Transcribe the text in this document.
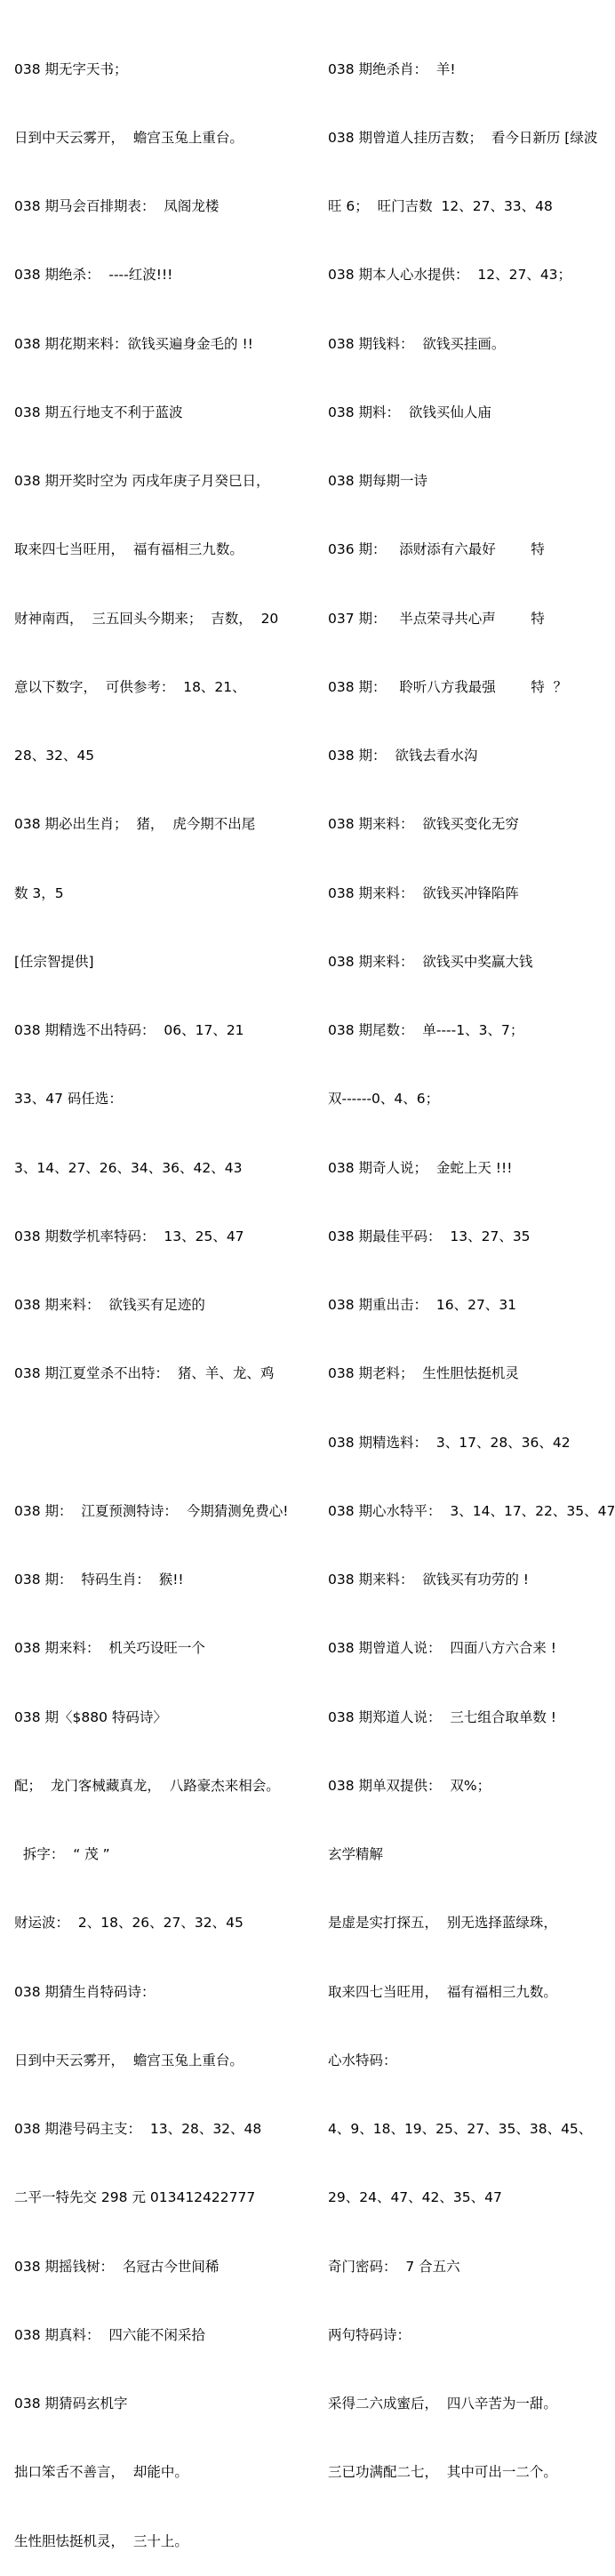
038 期无字天书；

日到中天云雾开，  蟾宫玉兔上重台。

038 期马会百排期表：  凤阁龙楼

038 期绝杀：  ----红波!!!

038 期花期来料：欲钱买遍身金毛的 !!

038 期五行地支不利于蓝波

038 期开奖时空为 丙戌年庚子月癸巳日，

取来四七当旺用，  福有福相三九数。

财神南西，  三五回头今期来；  吉数，  20

意以下数字，  可供参考：  18、21、

28、32、45

038 期必出生肖；  猪，  虎今期不出尾

数 3，5

[任宗智提供]

038 期精选不出特码：  06、17、21

33、47 码任选：

3、14、27、26、34、36、42、43

038 期数学机率特码：  13、25、47

038 期来料：  欲钱买有足迹的

038 期江夏堂杀不出特：  猪、羊、龙、鸡

038 期：  江夏预测特诗：  今期猜测免费心!

038 期：  特码生肖：  猴!!

038 期来料：  机关巧设旺一个

038 期〈$880 特码诗〉

配；  龙门客械藏真龙，  八路豪杰来相会。

拆字：  “ 茂 ”

财运波：  2、18、26、27、32、45

038 期猜生肖特码诗：

日到中天云雾开，  蟾宫玉兔上重台。

038 期港号码主支：  13、28、32、48

二平一特先交 298 元 013412422777

038 期摇钱树：  名冠古今世间稀

038 期真料：  四六能不闲采拾

038 期猜码玄机字

拙口笨舌不善言，  却能中。

生性胆怯挺机灵，  三十上。

038 期绝杀肖：  羊!

038 期曾道人挂历吉数；  看今日新历 [绿波

旺 6；  旺门吉数  12、27、33、48

038 期本人心水提供：  12、27、43；

038 期钱料：  欲钱买挂画。

038 期料：  欲钱买仙人庙

038 期每期一诗

036 期：   添财添有六最好        特

037 期：   半点荣寻共心声        特

038 期：   聆听八方我最强        特  ？

038 期：  欲钱去看水沟

038 期来料：  欲钱买变化无穷

038 期来料：  欲钱买冲锋陷阵

038 期来料：  欲钱买中奖赢大钱

038 期尾数：  单----1、3、7；

双------0、4、6；

038 期奇人说；  金蛇上天 !!!

038 期最佳平码：  13、27、35

038 期重出击：  16、27、31

038 期老料；  生性胆怯挺机灵

038 期精选料：  3、17、28、36、42

038 期心水特平：  3、14、17、22、35、47

038 期来料：  欲钱买有功劳的 !

038 期曾道人说：  四面八方六合来 !

038 期郑道人说：  三七组合取单数 !

038 期单双提供：  双%；

玄学精解

是虚是实打探五，  别无选择蓝绿珠，

取来四七当旺用，  福有福相三九数。

心水特码：

4、9、18、19、25、27、35、38、45、

29、24、47、42、35、47

奇门密码：  7 合五六

两句特码诗：

采得二六成蜜后，  四八辛苦为一甜。

三已功满配二七，  其中可出一二个。
